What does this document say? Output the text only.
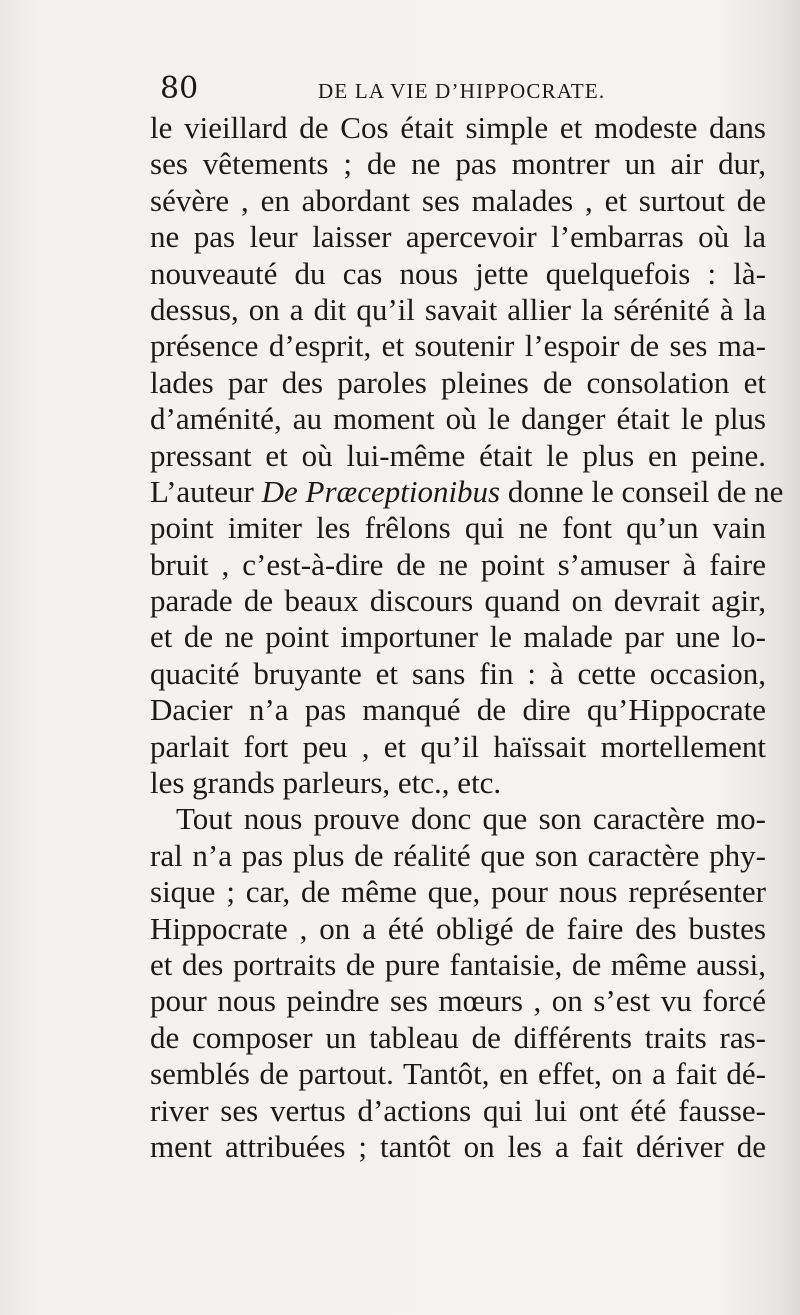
80	DE LA VIE D’HIPPOCRATE.
le vieillard de Cos était simple et modeste dans
ses vêtements ; de ne pas montrer un air dur,
sévère , en abordant ses malades , et surtout de
ne pas leur laisser apercevoir l’embarras où la
nouveauté du cas nous jette quelquefois : là-
dessus, on a dit qu’il savait allier la sérénité à la
présence d’esprit, et soutenir l’espoir de ses ma-
lades par des paroles pleines de consolation et
d’aménité, au moment où le danger était le plus
pressant et où lui-même était le plus en peine.
L’auteur De Præceptionibus donne le conseil de ne
point imiter les frêlons qui ne font qu’un vain
bruit , c’est-à-dire de ne point s’amuser à faire
parade de beaux discours quand on devrait agir,
et de ne point importuner le malade par une lo-
quacité bruyante et sans fin : à cette occasion,
Dacier n’a pas manqué de dire qu’Hippocrate
parlait fort peu , et qu’il haïssait mortellement
les grands parleurs, etc., etc.
Tout nous prouve donc que son caractère mo-
ral n’a pas plus de réalité que son caractère phy-
sique ; car, de même que, pour nous représenter
Hippocrate , on a été obligé de faire des bustes
et des portraits de pure fantaisie, de même aussi,
pour nous peindre ses mœurs , on s’est vu forcé
de composer un tableau de différents traits ras-
semblés de partout. Tantôt, en effet, on a fait dé-
river ses vertus d’actions qui lui ont été fausse-
ment attribuées ; tantôt on les a fait dériver de
